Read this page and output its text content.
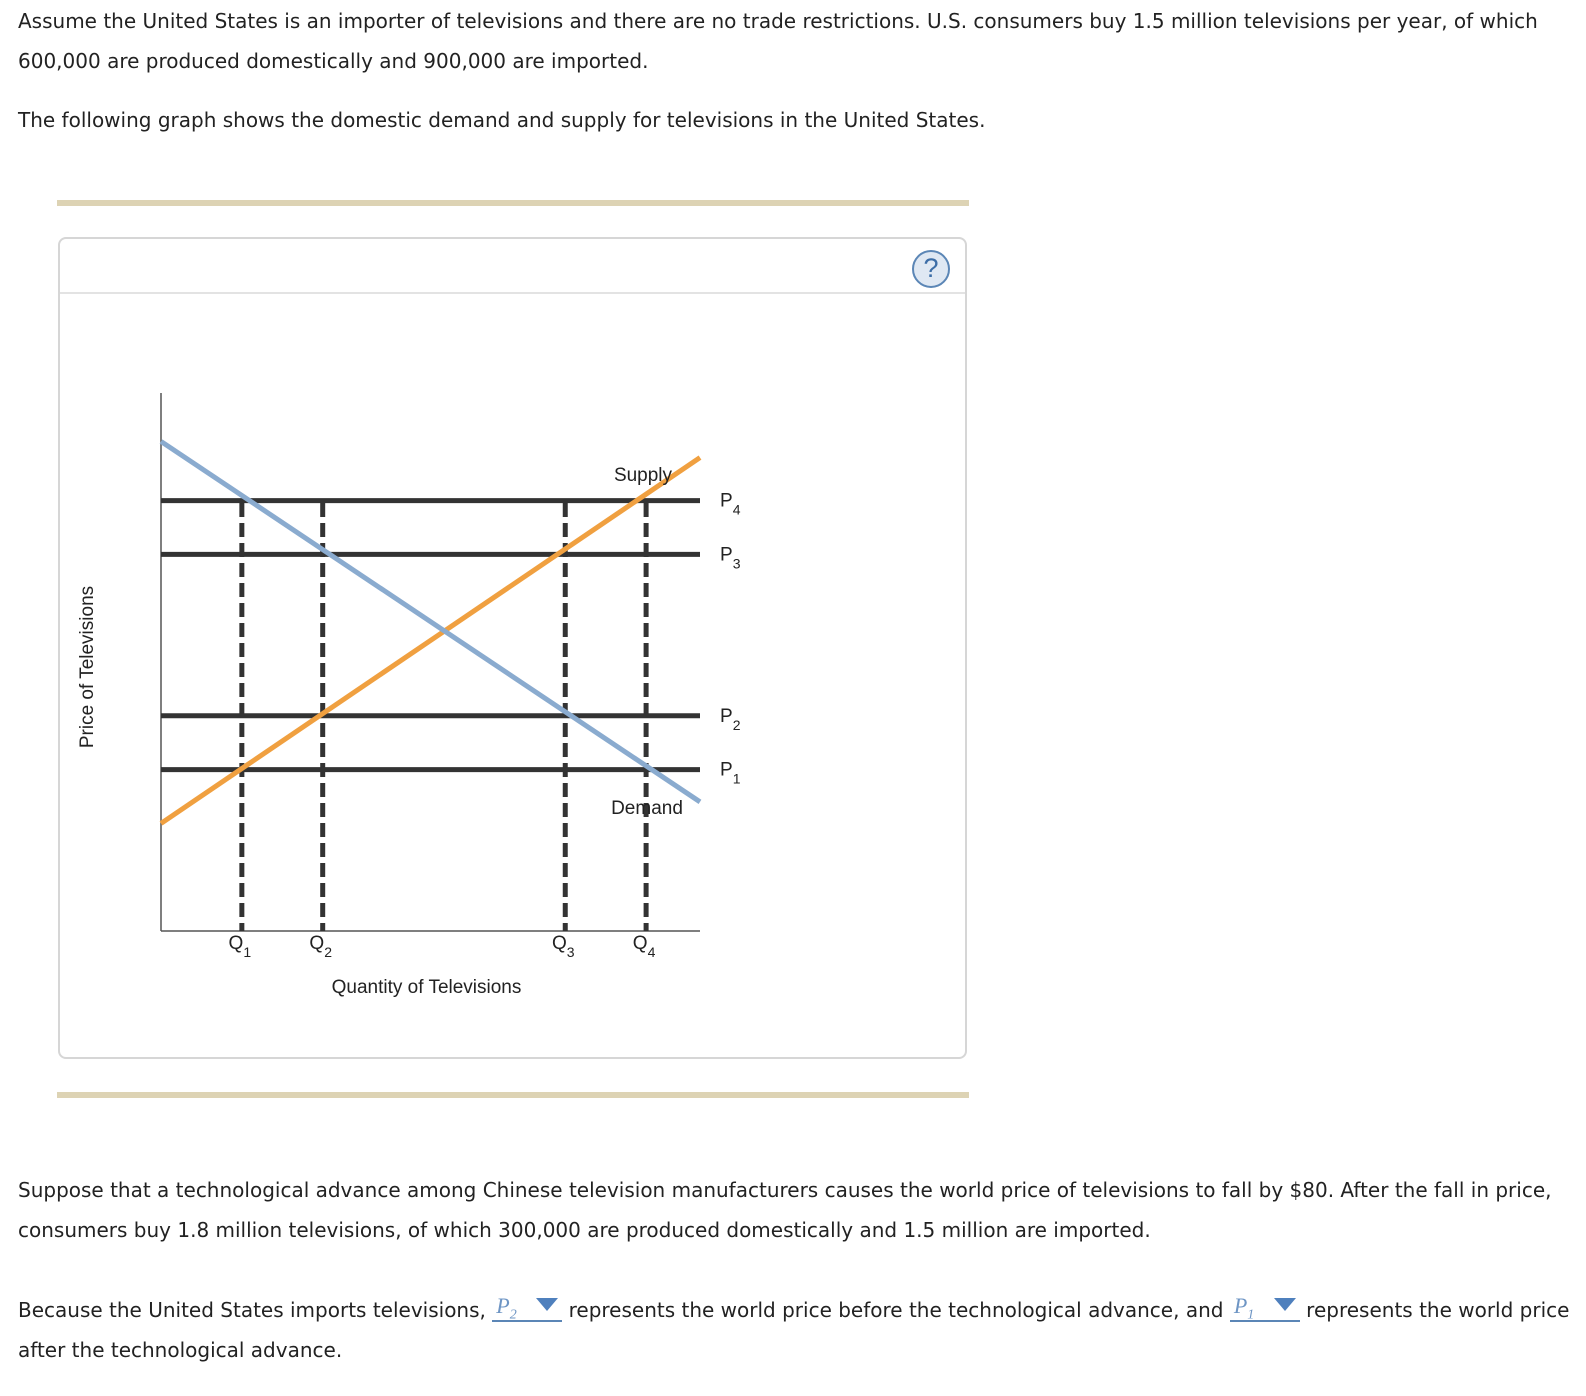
Assume the United States is an importer of televisions and there are no trade restrictions. U.S. consumers buy 1.5 million televisions per year, of which 600,000 are produced domestically and 900,000 are imported.

The following graph shows the domestic demand and supply for televisions in the United States.

?
Supply
Demand
$P_4$
$P_3$
$P_2$
$P_1$
$Q_1$	$Q_2$	$Q_3$	$Q_4$
Quantity of Televisions
Price of Televisions

Suppose that a technological advance among Chinese television manufacturers causes the world price of televisions to fall by $80. After the fall in price, consumers buy 1.8 million televisions, of which 300,000 are produced domestically and 1.5 million are imported.

Because the United States imports televisions, $P_2$	represents the world price before the technological advance, and $P_1$	represents the world price after the technological advance.
